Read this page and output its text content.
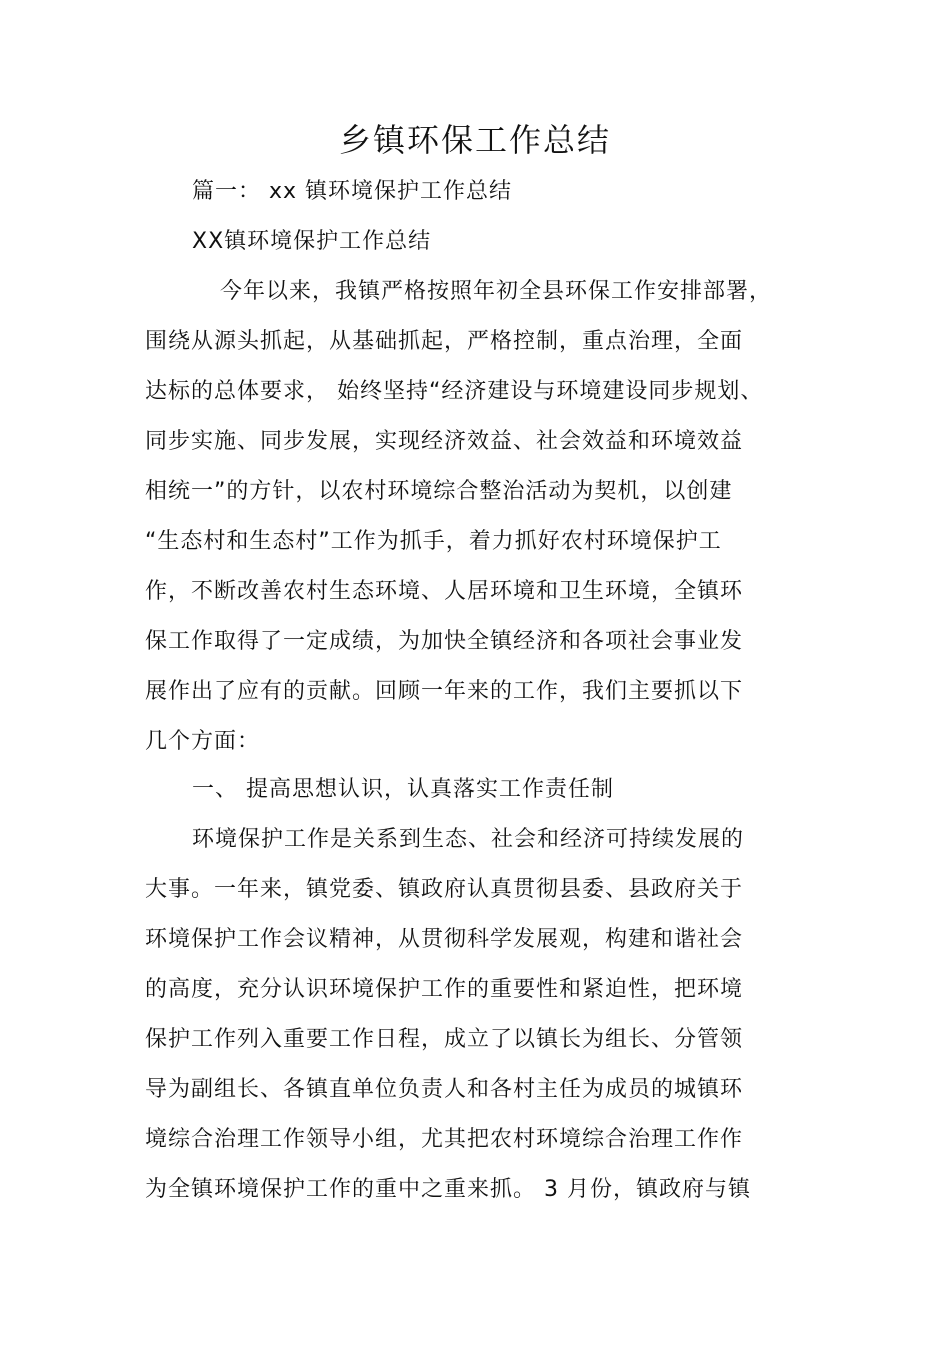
乡镇环保工作总结
篇一： xx 镇环境保护工作总结
XX镇环境保护工作总结
今年以来，我镇严格按照年初全县环保工作安排部署，
围绕从源头抓起，从基础抓起，严格控制，重点治理，全面
达标的总体要求， 始终坚持“经济建设与环境建设同步规划、
同步实施、同步发展，实现经济效益、社会效益和环境效益
相统一”的方针，以农村环境综合整治活动为契机，以创建
“生态村和生态村”工作为抓手，着力抓好农村环境保护工
作，不断改善农村生态环境、人居环境和卫生环境，全镇环
保工作取得了一定成绩，为加快全镇经济和各项社会事业发
展作出了应有的贡献。回顾一年来的工作，我们主要抓以下
几个方面：
一、 提高思想认识，认真落实工作责任制
环境保护工作是关系到生态、社会和经济可持续发展的
大事。一年来，镇党委、镇政府认真贯彻县委、县政府关于
环境保护工作会议精神，从贯彻科学发展观，构建和谐社会
的高度，充分认识环境保护工作的重要性和紧迫性，把环境
保护工作列入重要工作日程，成立了以镇长为组长、分管领
导为副组长、各镇直单位负责人和各村主任为成员的城镇环
境综合治理工作领导小组，尤其把农村环境综合治理工作作
为全镇环境保护工作的重中之重来抓。 3 月份，镇政府与镇
